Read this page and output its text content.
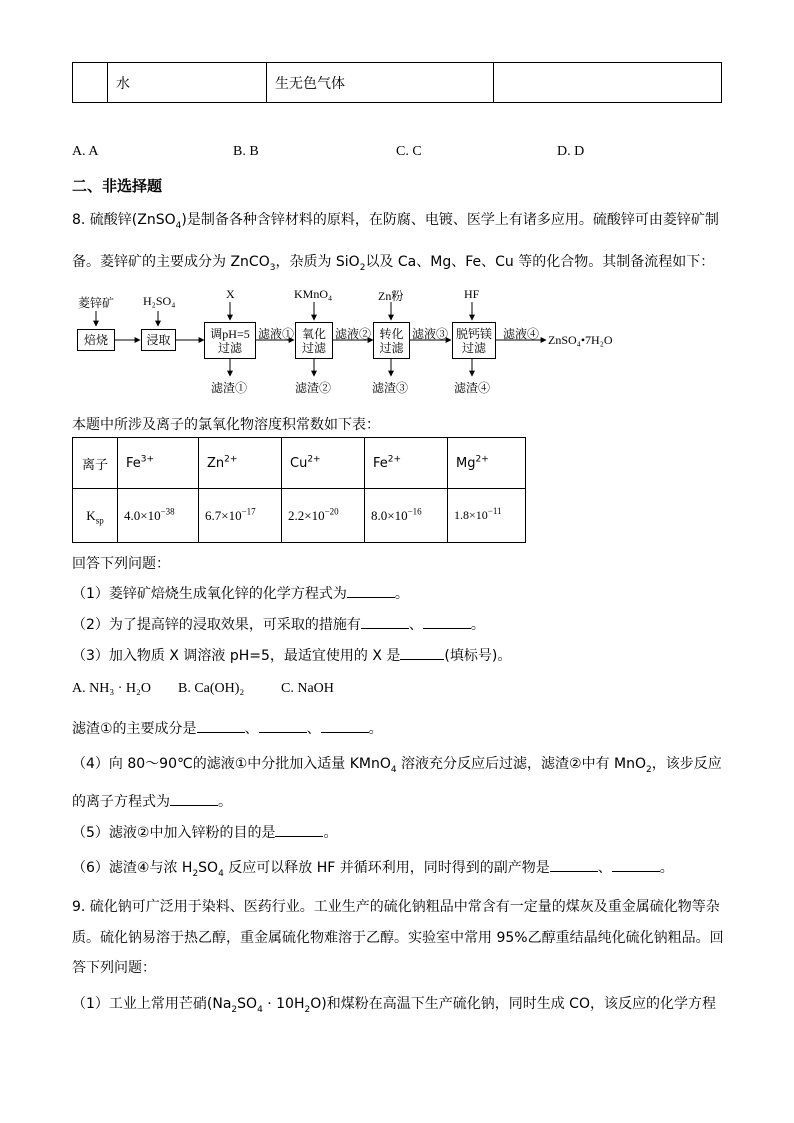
	水	生无色气体	
A. A	B. B	C. C	D. D
二、非选择题
8. 硫酸锌(ZnSO$_4$)是制备各种含锌材料的原料，在防腐、电镀、医学上有诸多应用。硫酸锌可由菱锌矿制
备。菱锌矿的主要成分为 ZnCO$_3$，杂质为 SiO$_2$以及 Ca、Mg、Fe、Cu 等的化合物。其制备流程如下：
菱锌矿
焙烧
H₂SO₄
浸取
X
调pH=5
过滤
滤液①
滤渣①
KMnO₄
氧化
过滤
滤液②
滤渣②
Zn粉
转化
过滤
滤液③
滤渣③
HF
脱钙镁
过滤
滤液④
滤渣④
ZnSO₄•7H₂O
本题中所涉及离子的氯氧化物溶度积常数如下表：
离子	$Fe^{3+}$	$Zn^{2+}$	$Cu^{2+}$	$Fe^{2+}$	$Mg^{2+}$
$K_{sp}$	$4.0\times 10^{-38}$	$6.7\times 10^{-17}$	$2.2\times 10^{-20}$	$8.0\times 10^{-16}$	$1.8\times 10^{-11}$
回答下列问题：
（1）菱锌矿焙烧生成氧化锌的化学方程式为	。
（2）为了提高锌的浸取效果，可采取的措施有	、	。
（3）加入物质 X 调溶液 pH=5，最适宜使用的 X 是	(填标号)。
A. NH₃ · H₂O B. Ca(OH)₂	C. NaOH
滤渣①的主要成分是	、	、	。
（4）向 80～90℃的滤液①中分批加入适量 KMnO$_4$ 溶液充分反应后过滤，滤渣②中有 MnO$_2$，该步反应
的离子方程式为	。
（5）滤液②中加入锌粉的目的是	。
（6）滤渣④与浓 $H_2SO_4$ 反应可以释放 HF 并循环利用，同时得到的副产物是	、	。
9. 硫化钠可广泛用于染料、医药行业。工业生产的硫化钠粗品中常含有一定量的煤灰及重金属硫化物等杂
质。硫化钠易溶于热乙醇，重金属硫化物难溶于乙醇。实验室中常用 95%乙醇重结晶纯化硫化钠粗品。回
答下列问题：
（1）工业上常用芒硝$(Na_2SO_4 \cdot 10H_2O)$和煤粉在高温下生产硫化钠，同时生成 CO，该反应的化学方程
